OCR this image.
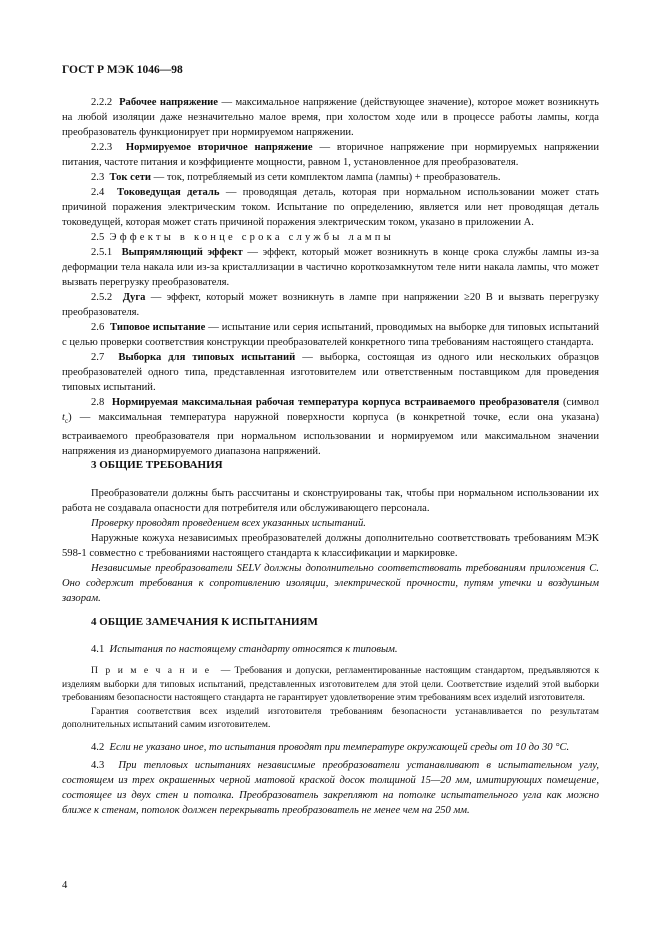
ГОСТ Р МЭК 1046—98

2.2.2 Рабочее напряжение — максимальное напряжение (действующее значение), которое может возникнуть на любой изоляции даже незначительно малое время, при холостом ходе или в процессе работы лампы, когда преобразователь функционирует при нормируемом напряжении.

2.2.3 Нормируемое вторичное напряжение — вторичное напряжение при нормируемых напряжении питания, частоте питания и коэффициенте мощности, равном 1, установленное для преобразователя.

2.3 Ток сети — ток, потребляемый из сети комплектом лампа (лампы) + преобразователь.

2.4 Токоведущая деталь — проводящая деталь, которая при нормальном использовании может стать причиной поражения электрическим током. Испытание по определению, является или нет проводящая деталь токоведущей, которая может стать причиной поражения электрическим током, указано в приложении А.

2.5 Эффекты в конце срока службы лампы

2.5.1 Выпрямляющий эффект — эффект, который может возникнуть в конце срока службы лампы из-за деформации тела накала или из-за кристаллизации в частично короткозамкнутом теле нити накала лампы, что может вызвать перегрузку преобразователя.

2.5.2 Дуга — эффект, который может возникнуть в лампе при напряжении ≥20 В и вызвать перегрузку преобразователя.

2.6 Типовое испытание — испытание или серия испытаний, проводимых на выборке для типовых испытаний с целью проверки соответствия конструкции преобразователей конкретного типа требованиям настоящего стандарта.

2.7 Выборка для типовых испытаний — выборка, состоящая из одного или нескольких образцов преобразователей одного типа, представленная изготовителем или ответственным поставщиком для проведения типовых испытаний.

2.8 Нормируемая максимальная рабочая температура корпуса встраиваемого преобразователя (символ $t_c$) — максимальная температура наружной поверхности корпуса (в конкретной точке, если она указана) встраиваемого преобразователя при нормальном использовании и нормируемом или максимальном значении напряжения из дианормируемого диапазона напряжений.

3 ОБЩИЕ ТРЕБОВАНИЯ

Преобразователи должны быть рассчитаны и сконструированы так, чтобы при нормальном использовании их работа не создавала опасности для потребителя или обслуживающего персонала.

Проверку проводят проведением всех указанных испытаний.

Наружные кожуха независимых преобразователей должны дополнительно соответствовать требованиям МЭК 598-1 совместно с требованиями настоящего стандарта к классификации и маркировке.

Независимые преобразователи SELV должны дополнительно соответствовать требованиям приложения С. Оно содержит требования к сопротивлению изоляции, электрической прочности, путям утечки и воздушным зазорам.

4 ОБЩИЕ ЗАМЕЧАНИЯ К ИСПЫТАНИЯМ

4.1 Испытания по настоящему стандарту относятся к типовым.

Примечание — Требования и допуски, регламентированные настоящим стандартом, предъявляются к изделиям выборки для типовых испытаний, представленных изготовителем для этой цели. Соответствие изделий этой выборки требованиям безопасности настоящего стандарта не гарантирует удовлетворение этим требованиям всех изделий изготовителя.

Гарантия соответствия всех изделий изготовителя требованиям безопасности устанавливается по результатам дополнительных испытаний самим изготовителем.

4.2 Если не указано иное, то испытания проводят при температуре окружающей среды от 10 до 30 °С.

4.3 При тепловых испытаниях независимые преобразователи устанавливают в испытательном углу, состоящем из трех окрашенных черной матовой краской досок толщиной 15—20 мм, имитирующих помещение, состоящее из двух стен и потолка. Преобразователь закрепляют на потолке испытательного угла как можно ближе к стенам, потолок должен перекрывать преобразователь не менее чем на 250 мм.

4
